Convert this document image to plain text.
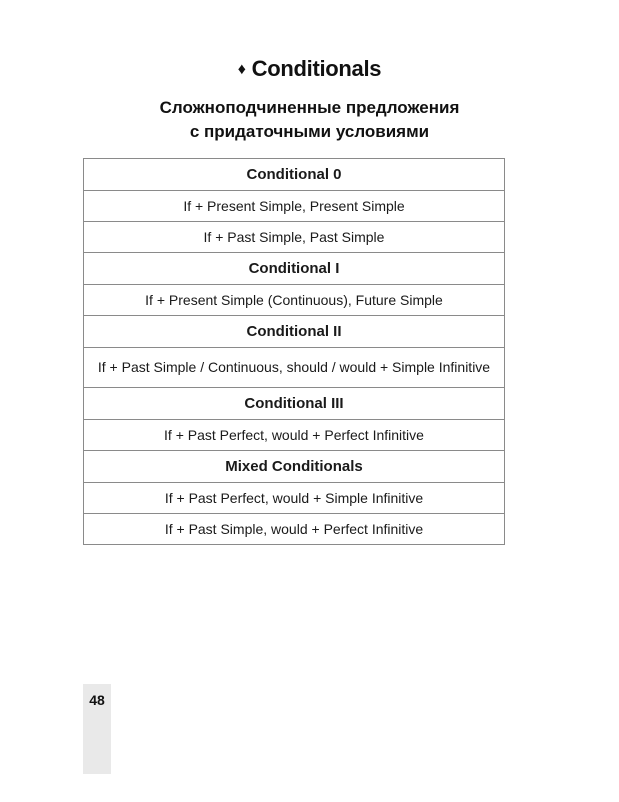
♦ Conditionals
Сложноподчиненные предложения
с придаточными условиями
Conditional 0
If + Present Simple, Present Simple
If + Past Simple, Past Simple
Conditional I
If + Present Simple (Continuous), Future Simple
Conditional II
If + Past Simple / Continuous, should / would + Simple Infinitive
Conditional III
If + Past Perfect, would + Perfect Infinitive
Mixed Conditionals
If + Past Perfect, would + Simple Infinitive
If + Past Simple, would + Perfect Infinitive
48
